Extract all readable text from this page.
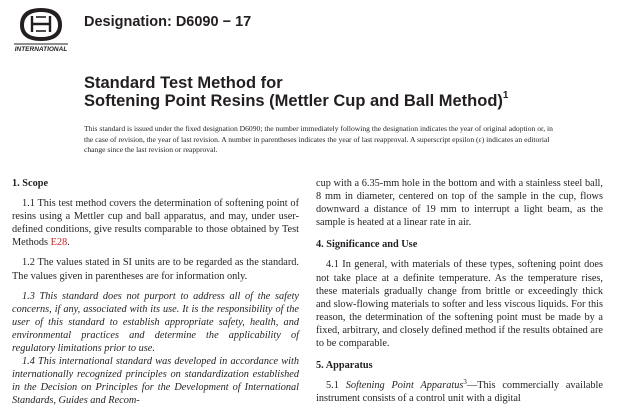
INTERNATIONAL
Designation: D6090 − 17
Standard Test Method for
Softening Point Resins (Mettler Cup and Ball Method)$^1$
This standard is issued under the fixed designation D6090; the number immediately following the designation indicates the year of original adoption or, in the case of revision, the year of last revision. A number in parentheses indicates the year of last reapproval. A superscript epsilon (ε) indicates an editorial change since the last revision or reapproval.

1. Scope

1.1 This test method covers the determination of softening point of resins using a Mettler cup and ball apparatus, and may, under user-defined conditions, give results comparable to those obtained by Test Methods E28.

1.2 The values stated in SI units are to be regarded as the standard. The values given in parentheses are for information only.

1.3 This standard does not purport to address all of the safety concerns, if any, associated with its use. It is the responsibility of the user of this standard to establish appropriate safety, health, and environmental practices and determine the applicability of regulatory limitations prior to use.

1.4 This international standard was developed in accordance with internationally recognized principles on standardization established in the Decision on Principles for the Development of International Standards, Guides and Recom-

cup with a 6.35-mm hole in the bottom and with a stainless steel ball, 8 mm in diameter, centered on top of the sample in the cup, flows downward a distance of 19 mm to interrupt a light beam, as the sample is heated at a linear rate in air.

4. Significance and Use

4.1 In general, with materials of these types, softening point does not take place at a definite temperature. As the temperature rises, these materials gradually change from brittle or exceedingly thick and slow-flowing materials to softer and less viscous liquids. For this reason, the determination of the softening point must be made by a fixed, arbitrary, and closely defined method if the results obtained are to be comparable.

5. Apparatus

5.1 Softening Point Apparatus$^3$—This commercially available instrument consists of a control unit with a digital
